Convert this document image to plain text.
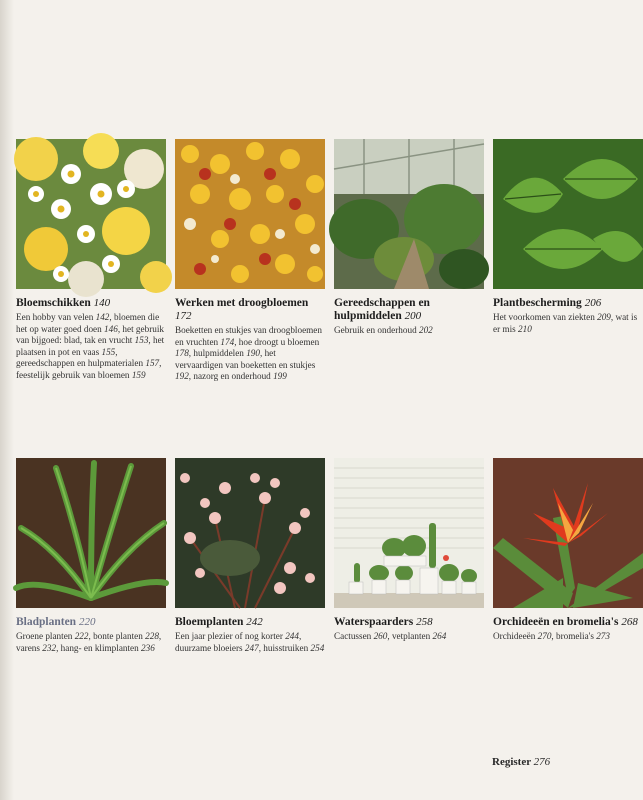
Bloemschikken 140
Een hobby van velen 142, bloemen die het op water goed doen 146, het gebruik van bijgoed: blad, tak en vrucht 153, het plaatsen in pot en vaas 155, gereedschappen en hulpmaterialen 157, feestelijk gebruik van bloemen 159
Werken met droogbloemen 172
Boeketten en stukjes van droogbloemen en vruchten 174, hoe droogt u bloemen 178, hulpmiddelen 190, het vervaardigen van boeketten en stukjes 192, nazorg en onderhoud 199
Gereedschappen en hulpmiddelen 200
Gebruik en onderhoud 202
Plantbescherming 206
Het voorkomen van ziekten 209, wat is er mis 210
Bladplanten 220
Groene planten 222, bonte planten 228, varens 232, hang- en klimplanten 236
Bloemplanten 242
Een jaar plezier of nog korter 244, duurzame bloeiers 247, huisstruiken 254
Waterspaarders 258
Cactussen 260, vetplanten 264
Orchideeën en bromelia's 268
Orchideeën 270, bromelia's 273
Register 276
